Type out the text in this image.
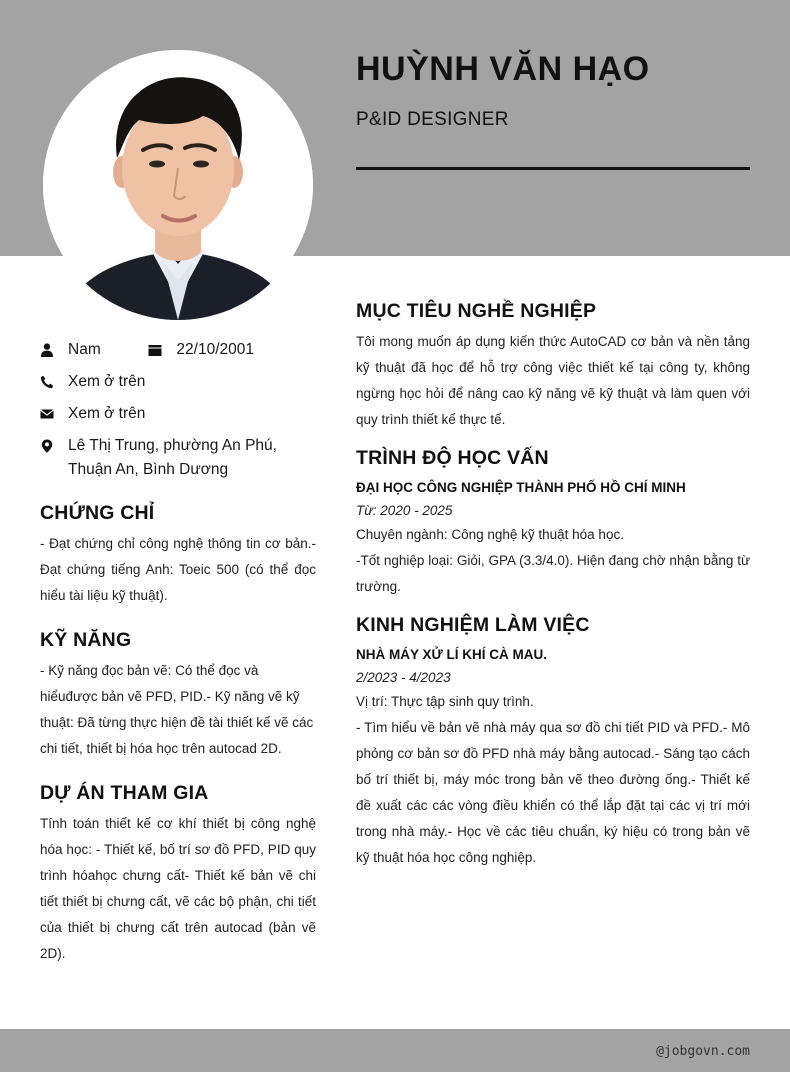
HUỲNH VĂN HẠO
P&ID DESIGNER
Nam	22/10/2001
Xem ở trên
Xem ở trên
Lê Thị Trung, phường An Phú, Thuận An, Bình Dương
CHỨNG CHỈ
- Đạt chứng chỉ công nghệ thông tin cơ bản.- Đạt chứng tiếng Anh: Toeic 500 (có thể đọc hiểu tài liệu kỹ thuật).
KỸ NĂNG
- Kỹ năng đọc bản vẽ: Có thể đọc và hiểuđược bản vẽ PFD, PID.- Kỹ năng vẽ kỹ thuật: Đã từng thực hiện đề tài thiết kế vẽ các chi tiết, thiết bị hóa học trên autocad 2D.
DỰ ÁN THAM GIA
Tính toán thiết kế cơ khí thiết bị công nghệ hóa học: - Thiết kế, bố trí sơ đồ PFD, PID quy trình hóahọc chưng cất- Thiết kế bản vẽ chi tiết thiết bị chưng cất, vẽ các bộ phận, chi tiết của thiết bị chưng cất trên autocad (bản vẽ 2D).
MỤC TIÊU NGHỀ NGHIỆP
Tôi mong muốn áp dụng kiến thức AutoCAD cơ bản và nền tảng kỹ thuật đã học để hỗ trợ công việc thiết kế tại công ty, không ngừng học hỏi để nâng cao kỹ năng vẽ kỹ thuật và làm quen với quy trình thiết kế thực tế.
TRÌNH ĐỘ HỌC VẤN
ĐẠI HỌC CÔNG NGHIỆP THÀNH PHỐ HỒ CHÍ MINH
Từ: 2020 - 2025
Chuyên ngành: Công nghệ kỹ thuật hóa học.
-Tốt nghiệp loại: Giỏi, GPA (3.3/4.0). Hiện đang chờ nhận bằng từ trường.
KINH NGHIỆM LÀM VIỆC
NHÀ MÁY XỬ LÍ KHÍ CÀ MAU.
2/2023 - 4/2023
Vị trí: Thực tập sinh quy trình.
- Tìm hiểu về bản vẽ nhà máy qua sơ đồ chi tiết PID và PFD.- Mô phỏng cơ bản sơ đồ PFD nhà máy bằng autocad.- Sáng tạo cách bố trí thiết bị, máy móc trong bản vẽ theo đường ống.- Thiết kế đề xuất các các vòng điều khiển có thể lắp đặt tại các vị trí mới trong nhà máy.- Học về các tiêu chuẩn, ký hiệu có trong bản vẽ kỹ thuật hóa học công nghiệp.
@jobgovn.com
